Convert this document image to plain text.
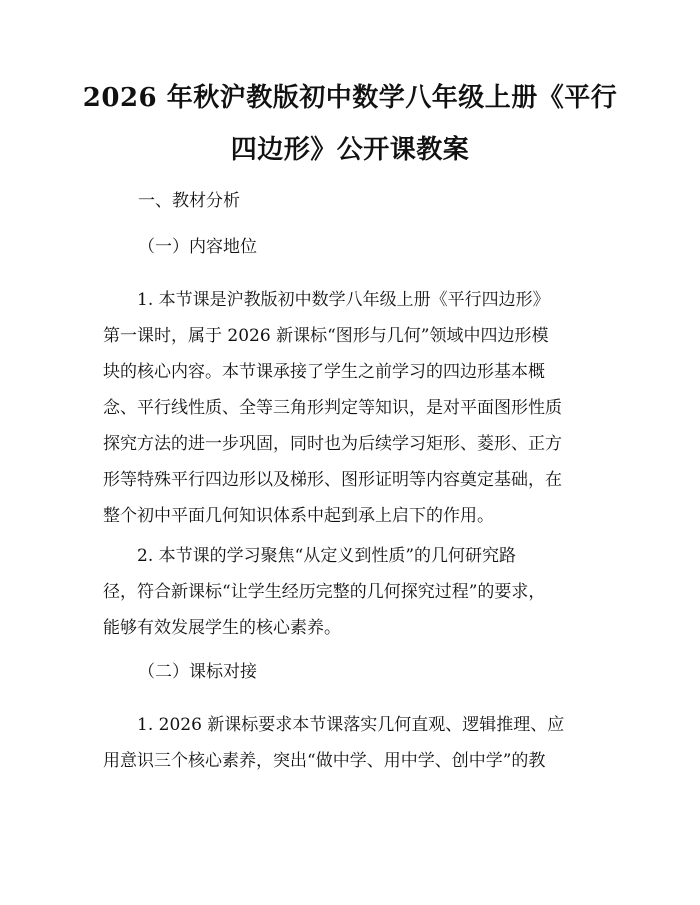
2026 年秋沪教版初中数学八年级上册《平行
四边形》公开课教案
一、教材分析
（一）内容地位
1. 本节课是沪教版初中数学八年级上册《平行四边形》
第一课时，属于 2026 新课标“图形与几何”领域中四边形模
块的核心内容。本节课承接了学生之前学习的四边形基本概
念、平行线性质、全等三角形判定等知识，是对平面图形性质
探究方法的进一步巩固，同时也为后续学习矩形、菱形、正方
形等特殊平行四边形以及梯形、图形证明等内容奠定基础，在
整个初中平面几何知识体系中起到承上启下的作用。
2. 本节课的学习聚焦“从定义到性质”的几何研究路
径，符合新课标“让学生经历完整的几何探究过程”的要求，
能够有效发展学生的核心素养。
（二）课标对接
1. 2026 新课标要求本节课落实几何直观、逻辑推理、应
用意识三个核心素养，突出“做中学、用中学、创中学”的教
